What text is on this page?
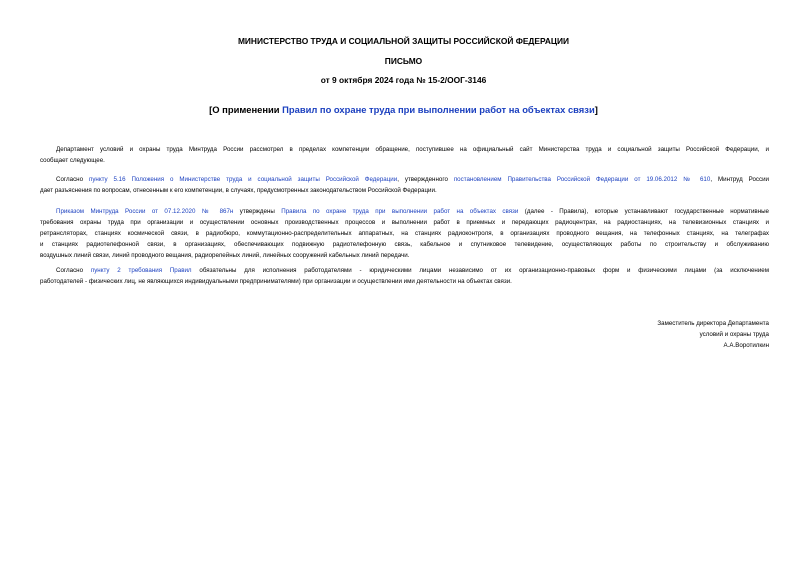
МИНИСТЕРСТВО ТРУДА И СОЦИАЛЬНОЙ ЗАЩИТЫ РОССИЙСКОЙ ФЕДЕРАЦИИ
ПИСЬМО
от 9 октября 2024 года № 15-2/ООГ-3146
[О применении Правил по охране труда при выполнении работ на объектах связи]
Департамент условий и охраны труда Минтруда России рассмотрел в пределах компетенции обращение, поступившее на официальный сайт Министерства труда и социальной защиты Российской Федерации, и
сообщает следующее.
Согласно пункту 5.16 Положения о Министерстве труда и социальной защиты Российской Федерации, утвержденного постановлением Правительства Российской Федерации от 19.06.2012 № 610, Минтруд России
дает разъяснения по вопросам, отнесенным к его компетенции, в случаях, предусмотренных законодательством Российской Федерации.
Приказом Минтруда России от 07.12.2020 № 867н утверждены Правила по охране труда при выполнении работ на объектах связи (далее - Правила), которые устанавливают государственные нормативные
требования охраны труда при организации и осуществлении основных производственных процессов и выполнении работ в приемных и передающих радиоцентрах, на радиостанциях, на телевизионных станциях и
ретрансляторах, станциях космической связи, в радиобюро, коммутационно-распределительных аппаратных, на станциях радиоконтроля, в организациях проводного вещания, на телефонных станциях, на телеграфах
и станциях радиотелефонной связи, в организациях, обеспечивающих подвижную радиотелефонную связь, кабельное и спутниковое телевидение, осуществляющих работы по строительству и обслуживанию
воздушных линий связи, линий проводного вещания, радиорелейных линий, линейных сооружений кабельных линий передачи.
Согласно пункту 2 требования Правил обязательны для исполнения работодателями - юридическими лицами независимо от их организационно-правовых форм и физическими лицами (за исключением
работодателей - физических лиц, не являющихся индивидуальными предпринимателями) при организации и осуществлении ими деятельности на объектах связи.
Заместитель директора Департамента
условий и охраны труда
А.А.Воротилкин
